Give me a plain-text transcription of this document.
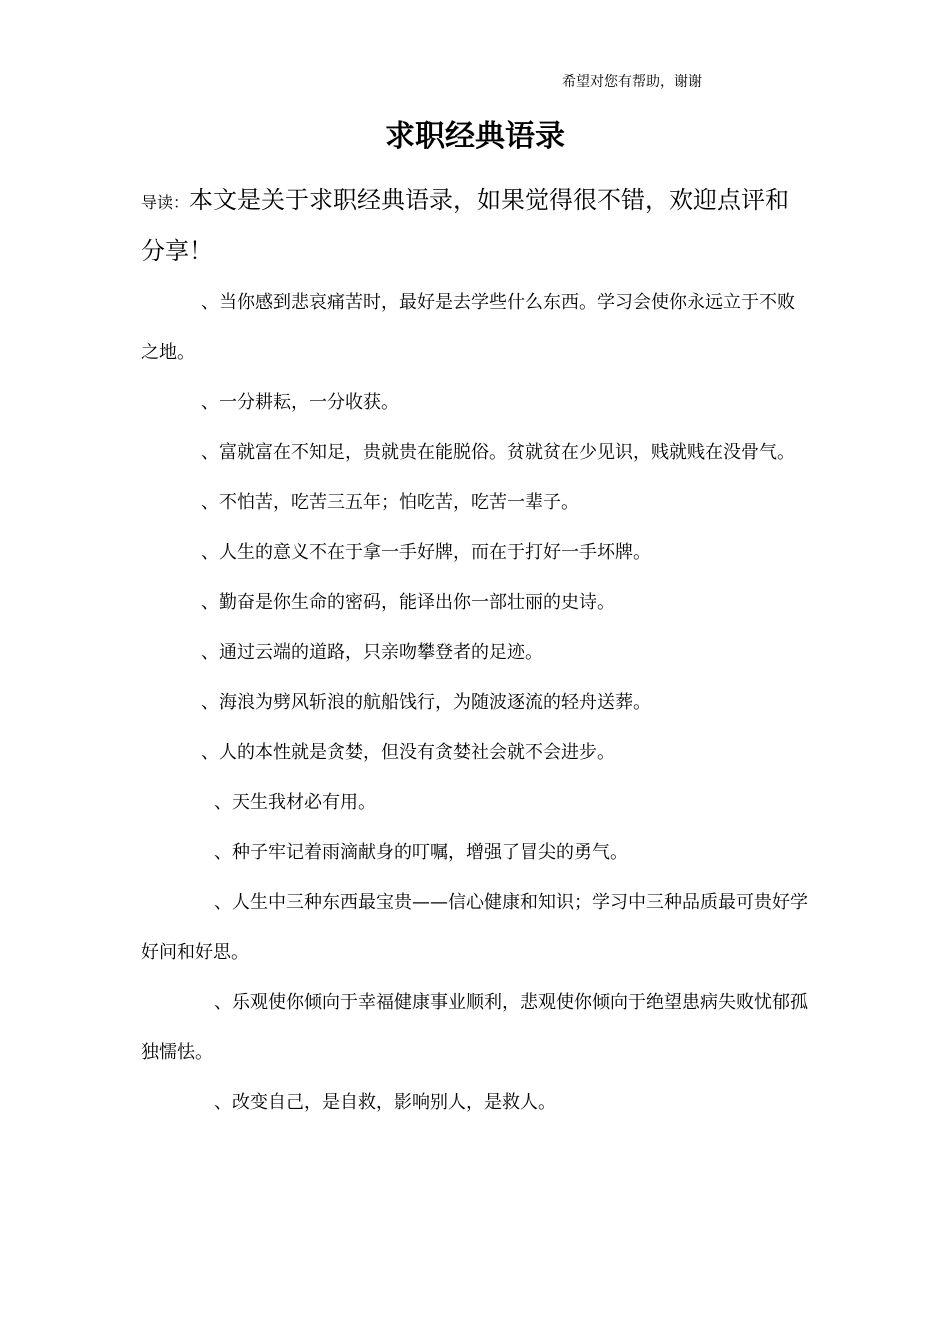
希望对您有帮助，谢谢
求职经典语录
导读：本文是关于求职经典语录，如果觉得很不错，欢迎点评和分享！
、当你感到悲哀痛苦时，最好是去学些什么东西。学习会使你永远立于不败之地。
、一分耕耘，一分收获。
、富就富在不知足，贵就贵在能脱俗。贫就贫在少见识，贱就贱在没骨气。
、不怕苦，吃苦三五年；怕吃苦，吃苦一辈子。
、人生的意义不在于拿一手好牌，而在于打好一手坏牌。
、勤奋是你生命的密码，能译出你一部壮丽的史诗。
、通过云端的道路，只亲吻攀登者的足迹。
、海浪为劈风斩浪的航船饯行，为随波逐流的轻舟送葬。
、人的本性就是贪婪，但没有贪婪社会就不会进步。
、天生我材必有用。
、种子牢记着雨滴献身的叮嘱，增强了冒尖的勇气。
、人生中三种东西最宝贵——信心健康和知识；学习中三种品质最可贵好学好问和好思。
、乐观使你倾向于幸福健康事业顺利，悲观使你倾向于绝望患病失败忧郁孤独懦怯。
、改变自己，是自救，影响别人，是救人。
